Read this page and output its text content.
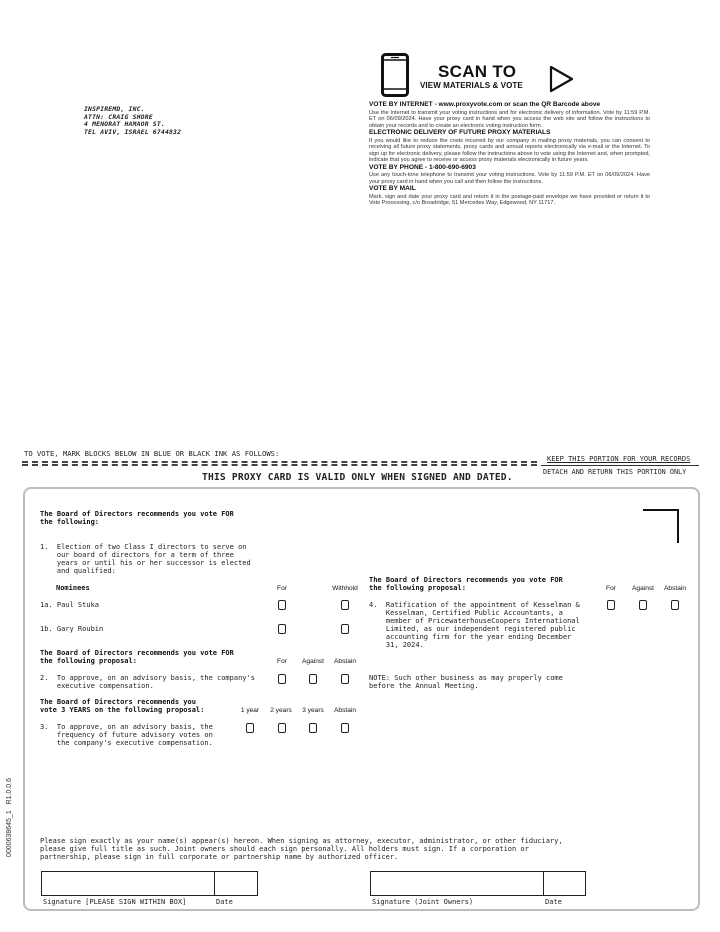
INSPIREMD, INC.
ATTN: CRAIG SHORE
4 MENORAT HAMAOR ST.
TEL AVIV, ISRAEL 6744832
SCAN TO
VIEW MATERIALS & VOTE
VOTE BY INTERNET - www.proxyvote.com or scan the QR Barcode above

Use the Internet to transmit your voting instructions and for electronic delivery of information. Vote by 11:59 P.M. ET on 06/09/2024. Have your proxy card in hand when you access the web site and follow the instructions to obtain your records and to create an electronic voting instruction form.

ELECTRONIC DELIVERY OF FUTURE PROXY MATERIALS

If you would like to reduce the costs incurred by our company in mailing proxy materials, you can consent to receiving all future proxy statements, proxy cards and annual reports electronically via e-mail or the Internet. To sign up for electronic delivery, please follow the instructions above to vote using the Internet and, when prompted, indicate that you agree to receive or access proxy materials electronically in future years.

VOTE BY PHONE - 1-800-690-6903

Use any touch-tone telephone to transmit your voting instructions. Vote by 11:59 P.M. ET on 06/09/2024. Have your proxy card in hand when you call and then follow the instructions.

VOTE BY MAIL

Mark, sign and date your proxy card and return it in the postage-paid envelope we have provided or return it to Vote Processing, c/o Broadridge, 51 Mercedes Way, Edgewood, NY 11717.

TO VOTE, MARK BLOCKS BELOW IN BLUE OR BLACK INK AS FOLLOWS:
KEEP THIS PORTION FOR YOUR RECORDS
DETACH AND RETURN THIS PORTION ONLY
THIS PROXY CARD IS VALID ONLY WHEN SIGNED AND DATED.
0000638645_1   R1.0.0.6
The Board of Directors recommends you vote FOR
the following:
1.  Election of two Class I directors to serve on
our board of directors for a term of three
years or until his or her successor is elected
and qualified:
Nominees	For	Withhold
1a. Paul Stuka
1b. Gary Roubin
The Board of Directors recommends you vote FOR
the following proposal:	For	Against	Abstain
2.  To approve, on an advisory basis, the company's
executive compensation.
The Board of Directors recommends you
vote 3 YEARS on the following proposal:	1 year	2 years	3 years	Abstain
3.  To approve, on an advisory basis, the
frequency of future advisory votes on
the company's executive compensation.
The Board of Directors recommends you vote FOR
the following proposal:	For	Against	Abstain
4.  Ratification of the appointment of Kesselman &
Kesselman, Certified Public Accountants, a
member of PricewaterhouseCoopers International
Limited, as our independent registered public
accounting firm for the year ending December
31, 2024.
NOTE: Such other business as may properly come
before the Annual Meeting.
Please sign exactly as your name(s) appear(s) hereon. When signing as attorney, executor, administrator, or other fiduciary,
please give full title as such. Joint owners should each sign personally. All holders must sign. If a corporation or
partnership, please sign in full corporate or partnership name by authorized officer.
Signature [PLEASE SIGN WITHIN BOX]	Date	Signature (Joint Owners)	Date
